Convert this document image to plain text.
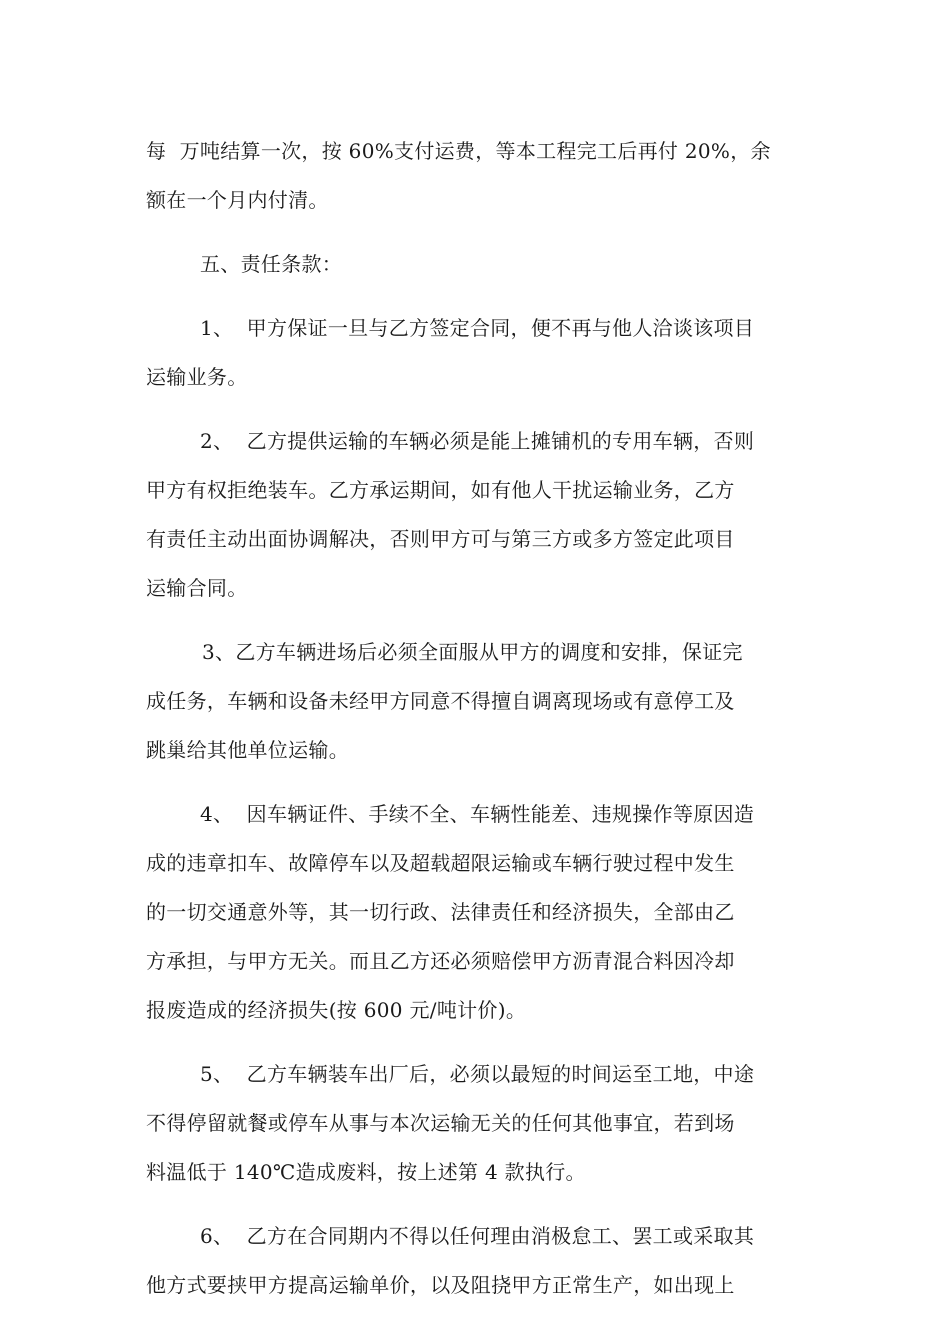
每  万吨结算一次，按 60%支付运费，等本工程完工后再付 20%，余
额在一个月内付清。
五、责任条款：
1、  甲方保证一旦与乙方签定合同，便不再与他人洽谈该项目
运输业务。
2、  乙方提供运输的车辆必须是能上摊铺机的专用车辆，否则
甲方有权拒绝装车。乙方承运期间，如有他人干扰运输业务，乙方
有责任主动出面协调解决，否则甲方可与第三方或多方签定此项目
运输合同。
3、乙方车辆进场后必须全面服从甲方的调度和安排，保证完
成任务，车辆和设备未经甲方同意不得擅自调离现场或有意停工及
跳巢给其他单位运输。
4、  因车辆证件、手续不全、车辆性能差、违规操作等原因造
成的违章扣车、故障停车以及超载超限运输或车辆行驶过程中发生
的一切交通意外等，其一切行政、法律责任和经济损失，全部由乙
方承担，与甲方无关。而且乙方还必须赔偿甲方沥青混合料因冷却
报废造成的经济损失(按 600 元/吨计价)。
5、  乙方车辆装车出厂后，必须以最短的时间运至工地，中途
不得停留就餐或停车从事与本次运输无关的任何其他事宜，若到场
料温低于 140℃造成废料，按上述第 4 款执行。
6、  乙方在合同期内不得以任何理由消极怠工、罢工或采取其
他方式要挟甲方提高运输单价，以及阻挠甲方正常生产，如出现上
